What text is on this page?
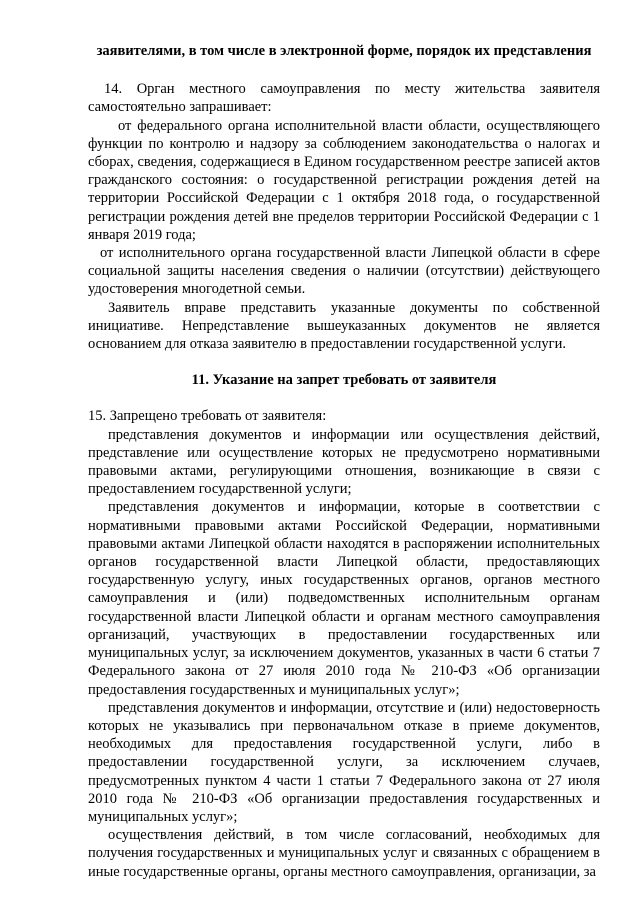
заявителями, в том числе в электронной форме, порядок их представления

14. Орган местного самоуправления по месту жительства заявителя самостоятельно запрашивает:

от федерального органа исполнительной власти области, осуществляющего функции по контролю и надзору за соблюдением законодательства о налогах и сборах, сведения, содержащиеся в Едином государственном реестре записей актов гражданского состояния: о государственной регистрации рождения детей на территории Российской Федерации с 1 октября 2018 года, о государственной регистрации рождения детей вне пределов территории Российской Федерации с 1 января 2019 года;

от исполнительного органа государственной власти Липецкой области в сфере социальной защиты населения сведения о наличии (отсутствии) действующего удостоверения многодетной семьи.

Заявитель вправе представить указанные документы по собственной инициативе. Непредставление вышеуказанных документов не является основанием для отказа заявителю в предоставлении государственной услуги.

11. Указание на запрет требовать от заявителя

15. Запрещено требовать от заявителя:

представления документов и информации или осуществления действий, представление или осуществление которых не предусмотрено нормативными правовыми актами, регулирующими отношения, возникающие в связи с предоставлением государственной услуги;

представления документов и информации, которые в соответствии с нормативными правовыми актами Российской Федерации, нормативными правовыми актами Липецкой области находятся в распоряжении исполнительных органов государственной власти Липецкой области, предоставляющих государственную услугу, иных государственных органов, органов местного самоуправления и (или) подведомственных исполнительным органам государственной власти Липецкой области и органам местного самоуправления организаций, участвующих в предоставлении государственных или муниципальных услуг, за исключением документов, указанных в части 6 статьи 7 Федерального закона от 27 июля 2010 года № 210-ФЗ «Об организации предоставления государственных и муниципальных услуг»;

представления документов и информации, отсутствие и (или) недостоверность которых не указывались при первоначальном отказе в приеме документов, необходимых для предоставления государственной услуги, либо в предоставлении государственной услуги, за исключением случаев, предусмотренных пунктом 4 части 1 статьи 7 Федерального закона от 27 июля 2010 года № 210-ФЗ «Об организации предоставления государственных и муниципальных услуг»;

осуществления действий, в том числе согласований, необходимых для получения государственных и муниципальных услуг и связанных с обращением в иные государственные органы, органы местного самоуправления, организации, за
